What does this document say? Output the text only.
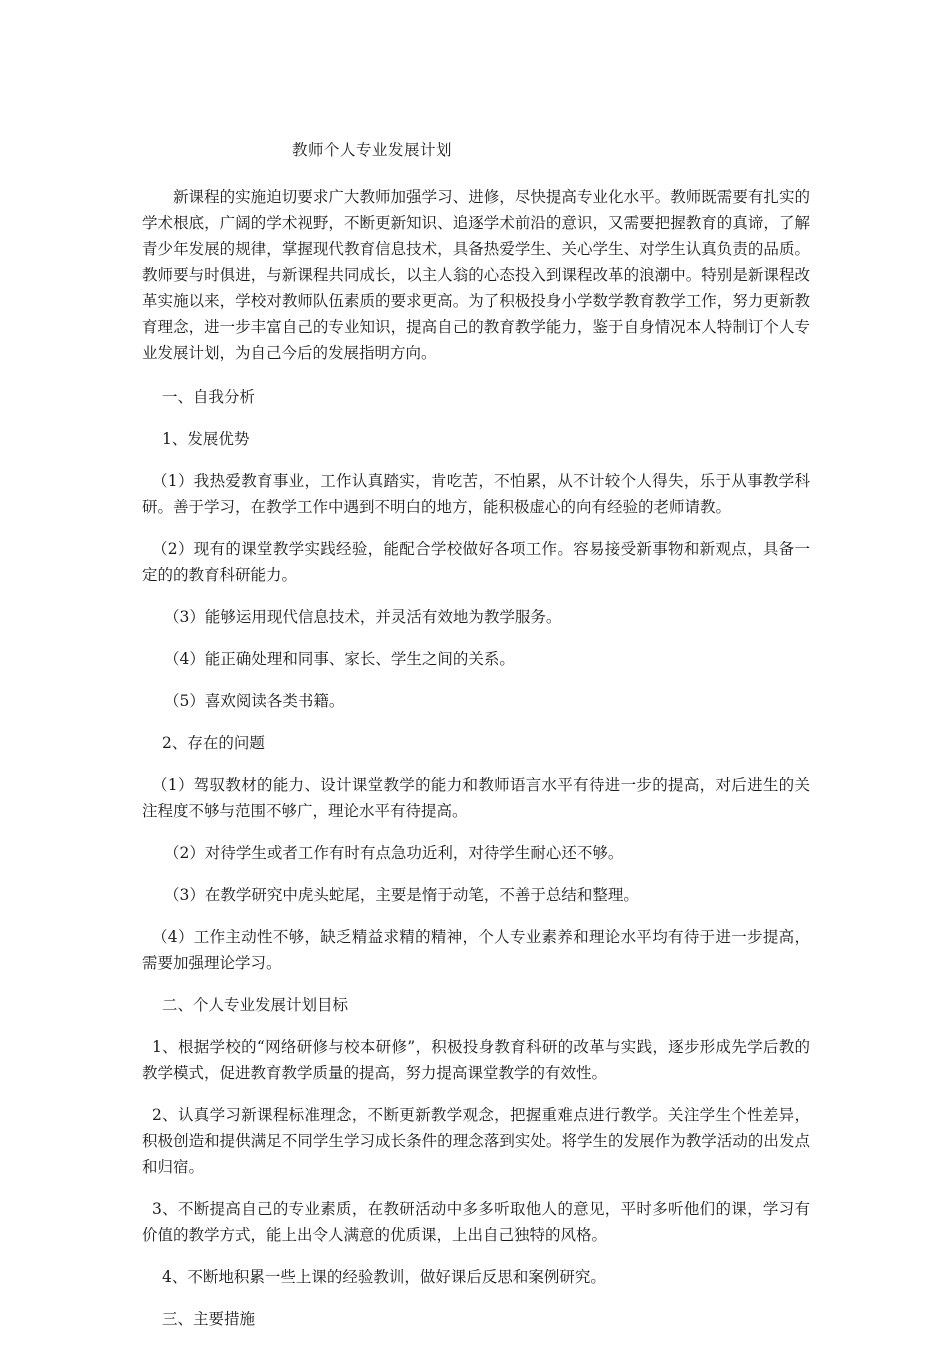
教师个人专业发展计划

新课程的实施迫切要求广大教师加强学习、进修，尽快提高专业化水平。教师既需要有扎实的学术根底，广阔的学术视野，不断更新知识、追逐学术前沿的意识，又需要把握教育的真谛，了解青少年发展的规律，掌握现代教育信息技术，具备热爱学生、关心学生、对学生认真负责的品质。教师要与时俱进，与新课程共同成长，以主人翁的心态投入到课程改革的浪潮中。特别是新课程改革实施以来，学校对教师队伍素质的要求更高。为了积极投身小学数学教育教学工作，努力更新教育理念，进一步丰富自己的专业知识，提高自己的教育教学能力，鉴于自身情况本人特制订个人专业发展计划，为自己今后的发展指明方向。

一、自我分析

1、发展优势

（1）我热爱教育事业，工作认真踏实，肯吃苦，不怕累，从不计较个人得失，乐于从事教学科研。善于学习，在教学工作中遇到不明白的地方，能积极虚心的向有经验的老师请教。

（2）现有的课堂教学实践经验，能配合学校做好各项工作。容易接受新事物和新观点，具备一定的的教育科研能力。

（3）能够运用现代信息技术，并灵活有效地为教学服务。

（4）能正确处理和同事、家长、学生之间的关系。

（5）喜欢阅读各类书籍。

2、存在的问题

（1）驾驭教材的能力、设计课堂教学的能力和教师语言水平有待进一步的提高，对后进生的关注程度不够与范围不够广，理论水平有待提高。

（2）对待学生或者工作有时有点急功近利，对待学生耐心还不够。

（3）在教学研究中虎头蛇尾，主要是惰于动笔，不善于总结和整理。

（4）工作主动性不够，缺乏精益求精的精神，个人专业素养和理论水平均有待于进一步提高，需要加强理论学习。

二、个人专业发展计划目标

1、根据学校的“网络研修与校本研修”，积极投身教育科研的改革与实践，逐步形成先学后教的教学模式，促进教育教学质量的提高，努力提高课堂教学的有效性。

2、认真学习新课程标准理念，不断更新教学观念，把握重难点进行教学。关注学生个性差异，积极创造和提供满足不同学生学习成长条件的理念落到实处。将学生的发展作为教学活动的出发点和归宿。

3、不断提高自己的专业素质，在教研活动中多多听取他人的意见，平时多听他们的课，学习有价值的教学方式，能上出令人满意的优质课，上出自己独特的风格。

4、不断地积累一些上课的经验教训，做好课后反思和案例研究。

三、主要措施
